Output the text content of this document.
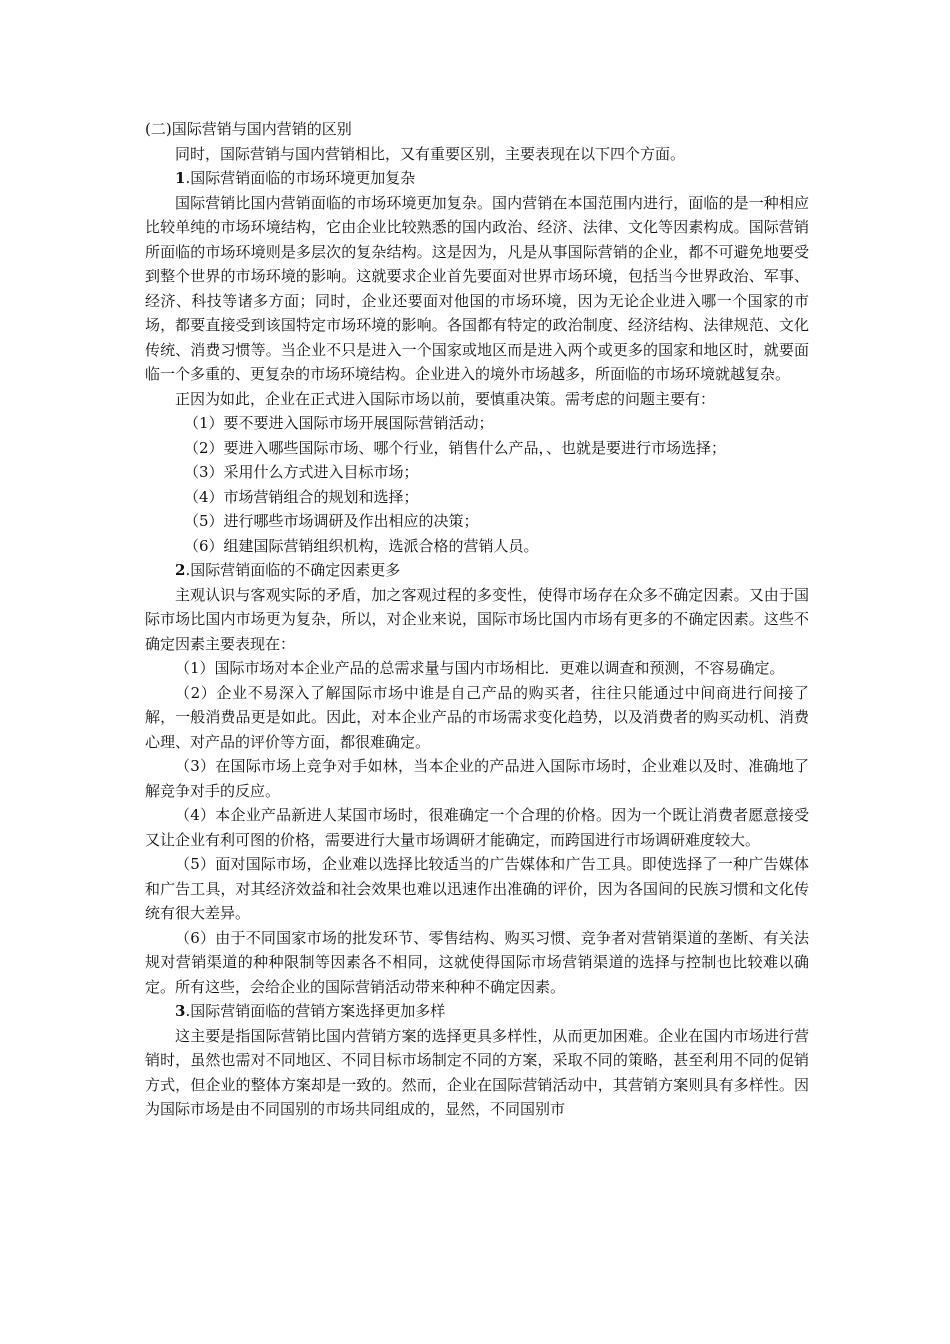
(二)国际营销与国内营销的区别

同时，国际营销与国内营销相比，又有重要区别，主要表现在以下四个方面。

1.国际营销面临的市场环境更加复杂

国际营销比国内营销面临的市场环境更加复杂。国内营销在本国范围内进行，面临的是一种相应比较单纯的市场环境结构，它由企业比较熟悉的国内政治、经济、法律、文化等因素构成。国际营销所面临的市场环境则是多层次的复杂结构。这是因为，凡是从事国际营销的企业，都不可避免地要受到整个世界的市场环境的影响。这就要求企业首先要面对世界市场环境，包括当今世界政治、军事、经济、科技等诸多方面；同时，企业还要面对他国的市场环境，因为无论企业进入哪一个国家的市场，都要直接受到该国特定市场环境的影响。各国都有特定的政治制度、经济结构、法律规范、文化传统、消费习惯等。当企业不只是进入一个国家或地区而是进入两个或更多的国家和地区时，就要面临一个多重的、更复杂的市场环境结构。企业进入的境外市场越多，所面临的市场环境就越复杂。

正因为如此，企业在正式进入国际市场以前，要慎重决策。需考虑的问题主要有：

（1）要不要进入国际市场开展国际营销活动；

（2）要进入哪些国际市场、哪个行业，销售什么产品，、也就是要进行市场选择；

（3）采用什么方式进入目标市场；

（4）市场营销组合的规划和选择；

（5）进行哪些市场调研及作出相应的决策；

（6）组建国际营销组织机构，选派合格的营销人员。

2.国际营销面临的不确定因素更多

主观认识与客观实际的矛盾，加之客观过程的多变性，使得市场存在众多不确定因素。又由于国际市场比国内市场更为复杂，所以，对企业来说，国际市场比国内市场有更多的不确定因素。这些不确定因素主要表现在：

（1）国际市场对本企业产品的总需求量与国内市场相比．更难以调查和预测，不容易确定。

（2）企业不易深入了解国际市场中谁是自己产品的购买者，往往只能通过中间商进行间接了解，一般消费品更是如此。因此，对本企业产品的市场需求变化趋势，以及消费者的购买动机、消费心理、对产品的评价等方面，都很难确定。

（3）在国际市场上竞争对手如林，当本企业的产品进入国际市场时，企业难以及时、准确地了解竞争对手的反应。

（4）本企业产品新进人某国市场时，很难确定一个合理的价格。因为一个既让消费者愿意接受又让企业有利可图的价格，需要进行大量市场调研才能确定，而跨国进行市场调研难度较大。

（5）面对国际市场，企业难以选择比较适当的广告媒体和广告工具。即使选择了一种广告媒体和广告工具，对其经济效益和社会效果也难以迅速作出准确的评价，因为各国间的民族习惯和文化传统有很大差异。

（6）由于不同国家市场的批发环节、零售结构、购买习惯、竞争者对营销渠道的垄断、有关法规对营销渠道的种种限制等因素各不相同，这就使得国际市场营销渠道的选择与控制也比较难以确定。所有这些，会给企业的国际营销活动带来种种不确定因素。

3.国际营销面临的营销方案选择更加多样

这主要是指国际营销比国内营销方案的选择更具多样性，从而更加困难。企业在国内市场进行营销时，虽然也需对不同地区、不同目标市场制定不同的方案，采取不同的策略，甚至利用不同的促销方式，但企业的整体方案却是一致的。然而，企业在国际营销活动中，其营销方案则具有多样性。因为国际市场是由不同国别的市场共同组成的，显然，不同国别市
